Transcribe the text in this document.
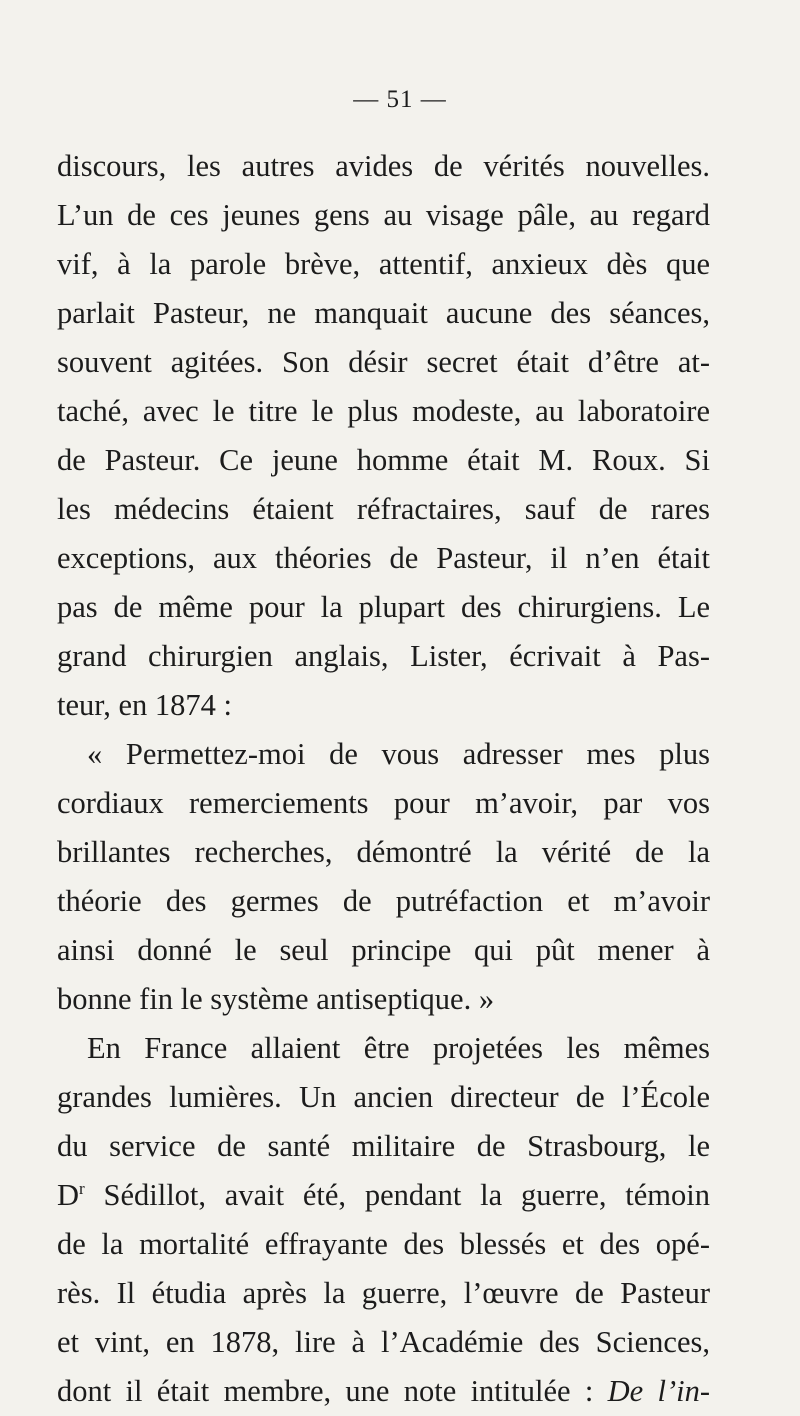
— 51 —
discours, les autres avides de vérités nouvelles.
L’un de ces jeunes gens au visage pâle, au regard
vif, à la parole brève, attentif, anxieux dès que
parlait Pasteur, ne manquait aucune des séances,
souvent agitées. Son désir secret était d’être at-
taché, avec le titre le plus modeste, au laboratoire
de Pasteur. Ce jeune homme était M. Roux. Si
les médecins étaient réfractaires, sauf de rares
exceptions, aux théories de Pasteur, il n’en était
pas de même pour la plupart des chirurgiens. Le
grand chirurgien anglais, Lister, écrivait à Pas-
teur, en 1874 :
« Permettez-moi de vous adresser mes plus
cordiaux remerciements pour m’avoir, par vos
brillantes recherches, démontré la vérité de la
théorie des germes de putréfaction et m’avoir
ainsi donné le seul principe qui pût mener à
bonne fin le système antiseptique. »
En France allaient être projetées les mêmes
grandes lumières. Un ancien directeur de l’École
du service de santé militaire de Strasbourg, le
$D^r$ Sédillot, avait été, pendant la guerre, témoin
de la mortalité effrayante des blessés et des opé-
rès. Il étudia après la guerre, l’œuvre de Pasteur
et vint, en 1878, lire à l’Académie des Sciences,
dont il était membre, une note intitulée : De l’in-
